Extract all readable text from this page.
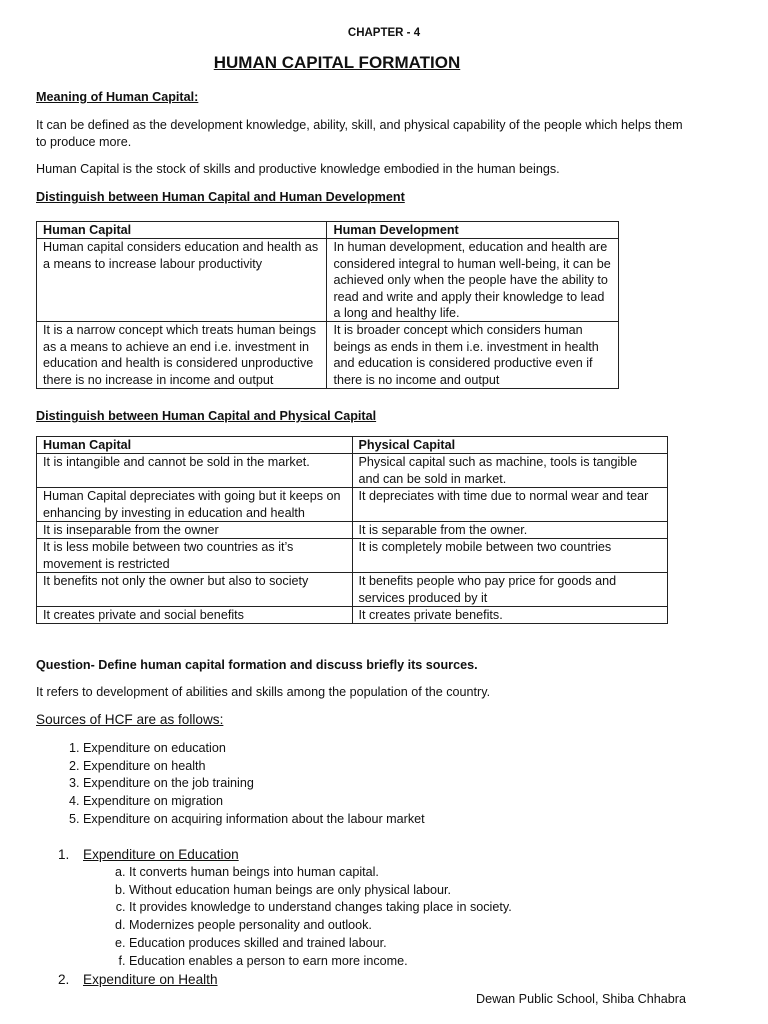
CHAPTER - 4
HUMAN CAPITAL FORMATION
Meaning of Human Capital:
It can be defined as the development knowledge, ability, skill, and physical capability of the people which helps them to produce more.
Human Capital is the stock of skills and productive knowledge embodied in the human beings.
Distinguish between Human Capital and Human Development
Human Capital	Human Development
Human capital considers education and health as a means to increase labour productivity	In human development, education and health are considered integral to human well-being, it can be achieved only when the people have the ability to read and write and apply their knowledge to lead a long and healthy life.
It is a narrow concept which treats human beings as a means to achieve an end i.e. investment in education and health is considered unproductive there is no increase in income and output	It is broader concept which considers human beings as ends in them i.e. investment in health and education is considered productive even if there is no income and output
Distinguish between Human Capital and Physical Capital
Human Capital	Physical Capital
It is intangible and cannot be sold in the market.	Physical capital such as machine, tools is tangible and can be sold in market.
Human Capital depreciates with going but it keeps on enhancing by investing in education and health	It depreciates with time due to normal wear and tear
It is inseparable from the owner	It is separable from the owner.
It is less mobile between two countries as it’s movement is restricted	It is completely mobile between two countries
It benefits not only the owner but also to society	It benefits people who pay price for goods and services produced by it
It creates private and social benefits	It creates private benefits.
Question- Define human capital formation and discuss briefly its sources.
It refers to development of abilities and skills among the population of the country.
Sources of HCF are as follows:
1. Expenditure on education
2. Expenditure on health
3. Expenditure on the job training
4. Expenditure on migration
5. Expenditure on acquiring information about the labour market
1. Expenditure on Education
a. It converts human beings into human capital.
b. Without education human beings are only physical labour.
c. It provides knowledge to understand changes taking place in society.
d. Modernizes people personality and outlook.
e. Education produces skilled and trained labour.
f. Education enables a person to earn more income.
2. Expenditure on Health
Dewan Public School, Shiba Chhabra
